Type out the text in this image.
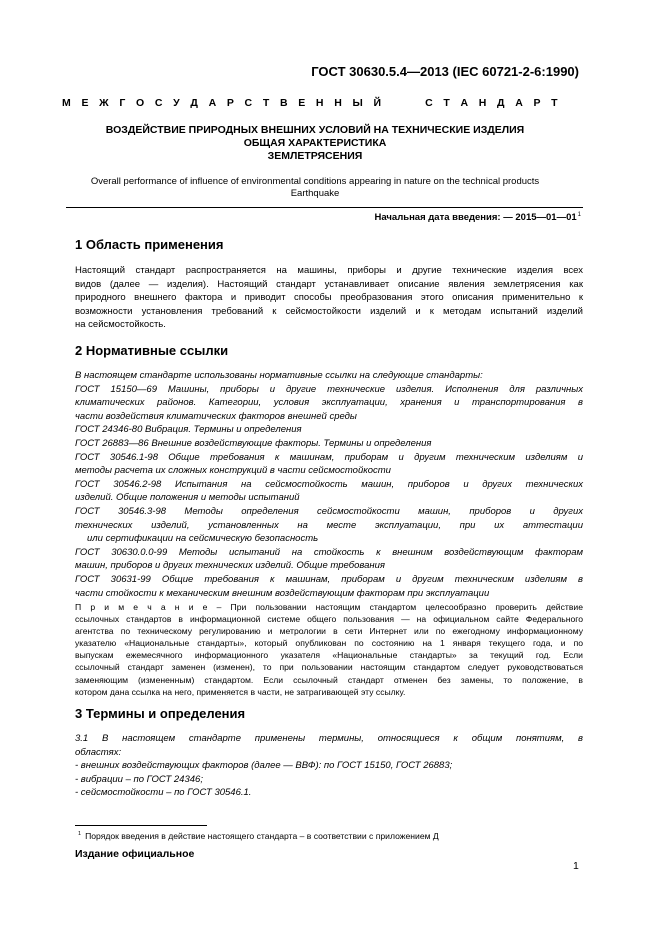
ГОСТ 30630.5.4—2013 (IEC 60721-2-6:1990)
М Е Ж Г О С У Д А Р С Т В Е Н Н Ы Й	С Т А Н Д А Р Т
ВОЗДЕЙСТВИЕ ПРИРОДНЫХ ВНЕШНИХ УСЛОВИЙ НА ТЕХНИЧЕСКИЕ ИЗДЕЛИЯ
ОБЩАЯ ХАРАКТЕРИСТИКА
ЗЕМЛЕТРЯСЕНИЯ
Overall performance of influence of environmental conditions appearing in nature on the technical products
Earthquake
Начальная дата введения: — $2015—01—01^1$
1 Область применения
Настоящий стандарт распространяется на машины, приборы и другие технические изделия всех
видов (далее — изделия). Настоящий стандарт устанавливает описание явления землетрясения как
природного внешнего фактора и приводит способы преобразования этого описания применительно к
возможности установления требований к сейсмостойкости изделий и к методам испытаний изделий
на сейсмостойкость.
2 Нормативные ссылки
В настоящем стандарте использованы нормативные ссылки на следующие стандарты:
ГОСТ 15150—69 Машины, приборы и другие технические изделия. Исполнения для различных
климатических районов. Категории, условия эксплуатации, хранения и транспортирования в
части воздействия климатических факторов внешней среды
ГОСТ 24346-80 Вибрация. Термины и определения
ГОСТ 26883—86 Внешние воздействующие факторы. Термины и определения
ГОСТ 30546.1-98 Общие требования к машинам, приборам и другим техническим изделиям и
методы расчета их сложных конструкций в части сейсмостойкости
ГОСТ 30546.2-98 Испытания на сейсмостойкость машин, приборов и других технических
изделий. Общие положения и методы испытаний
ГОСТ 30546.3-98 Методы определения сейсмостойкости машин, приборов и других
технических изделий, установленных на месте эксплуатации, при их аттестации
или сертификации на сейсмическую безопасность
ГОСТ 30630.0.0-99 Методы испытаний на стойкость к внешним воздействующим факторам
машин, приборов и других технических изделий. Общие требования
ГОСТ 30631-99 Общие требования к машинам, приборам и другим техническим изделиям в
части стойкости к механическим внешним воздействующим факторам при эксплуатации
П р и м е ч а н и е – При пользовании настоящим стандартом целесообразно проверить действие
ссылочных стандартов в информационной системе общего пользования — на официальном сайте Федерального
агентства по техническому регулированию и метрологии в сети Интернет или по ежегодному информационному
указателю «Национальные стандарты», который опубликован по состоянию на 1 января текущего года, и по
выпускам ежемесячного информационного указателя «Национальные стандарты» за текущий год. Если
ссылочный стандарт заменен (изменен), то при пользовании настоящим стандартом следует руководствоваться
заменяющим (измененным) стандартом. Если ссылочный стандарт отменен без замены, то положение, в
котором дана ссылка на него, применяется в части, не затрагивающей эту ссылку.
3 Термины и определения
3.1 В настоящем стандарте применены термины, относящиеся к общим понятиям, в
областях:
- внешних воздействующих факторов (далее — ВВФ): по ГОСТ 15150, ГОСТ 26883;
- вибрации – по ГОСТ 24346;
- сейсмостойкости – по ГОСТ 30546.1.
$^1$ Порядок введения в действие настоящего стандарта – в соответствии с приложением Д
Издание официальное
1
